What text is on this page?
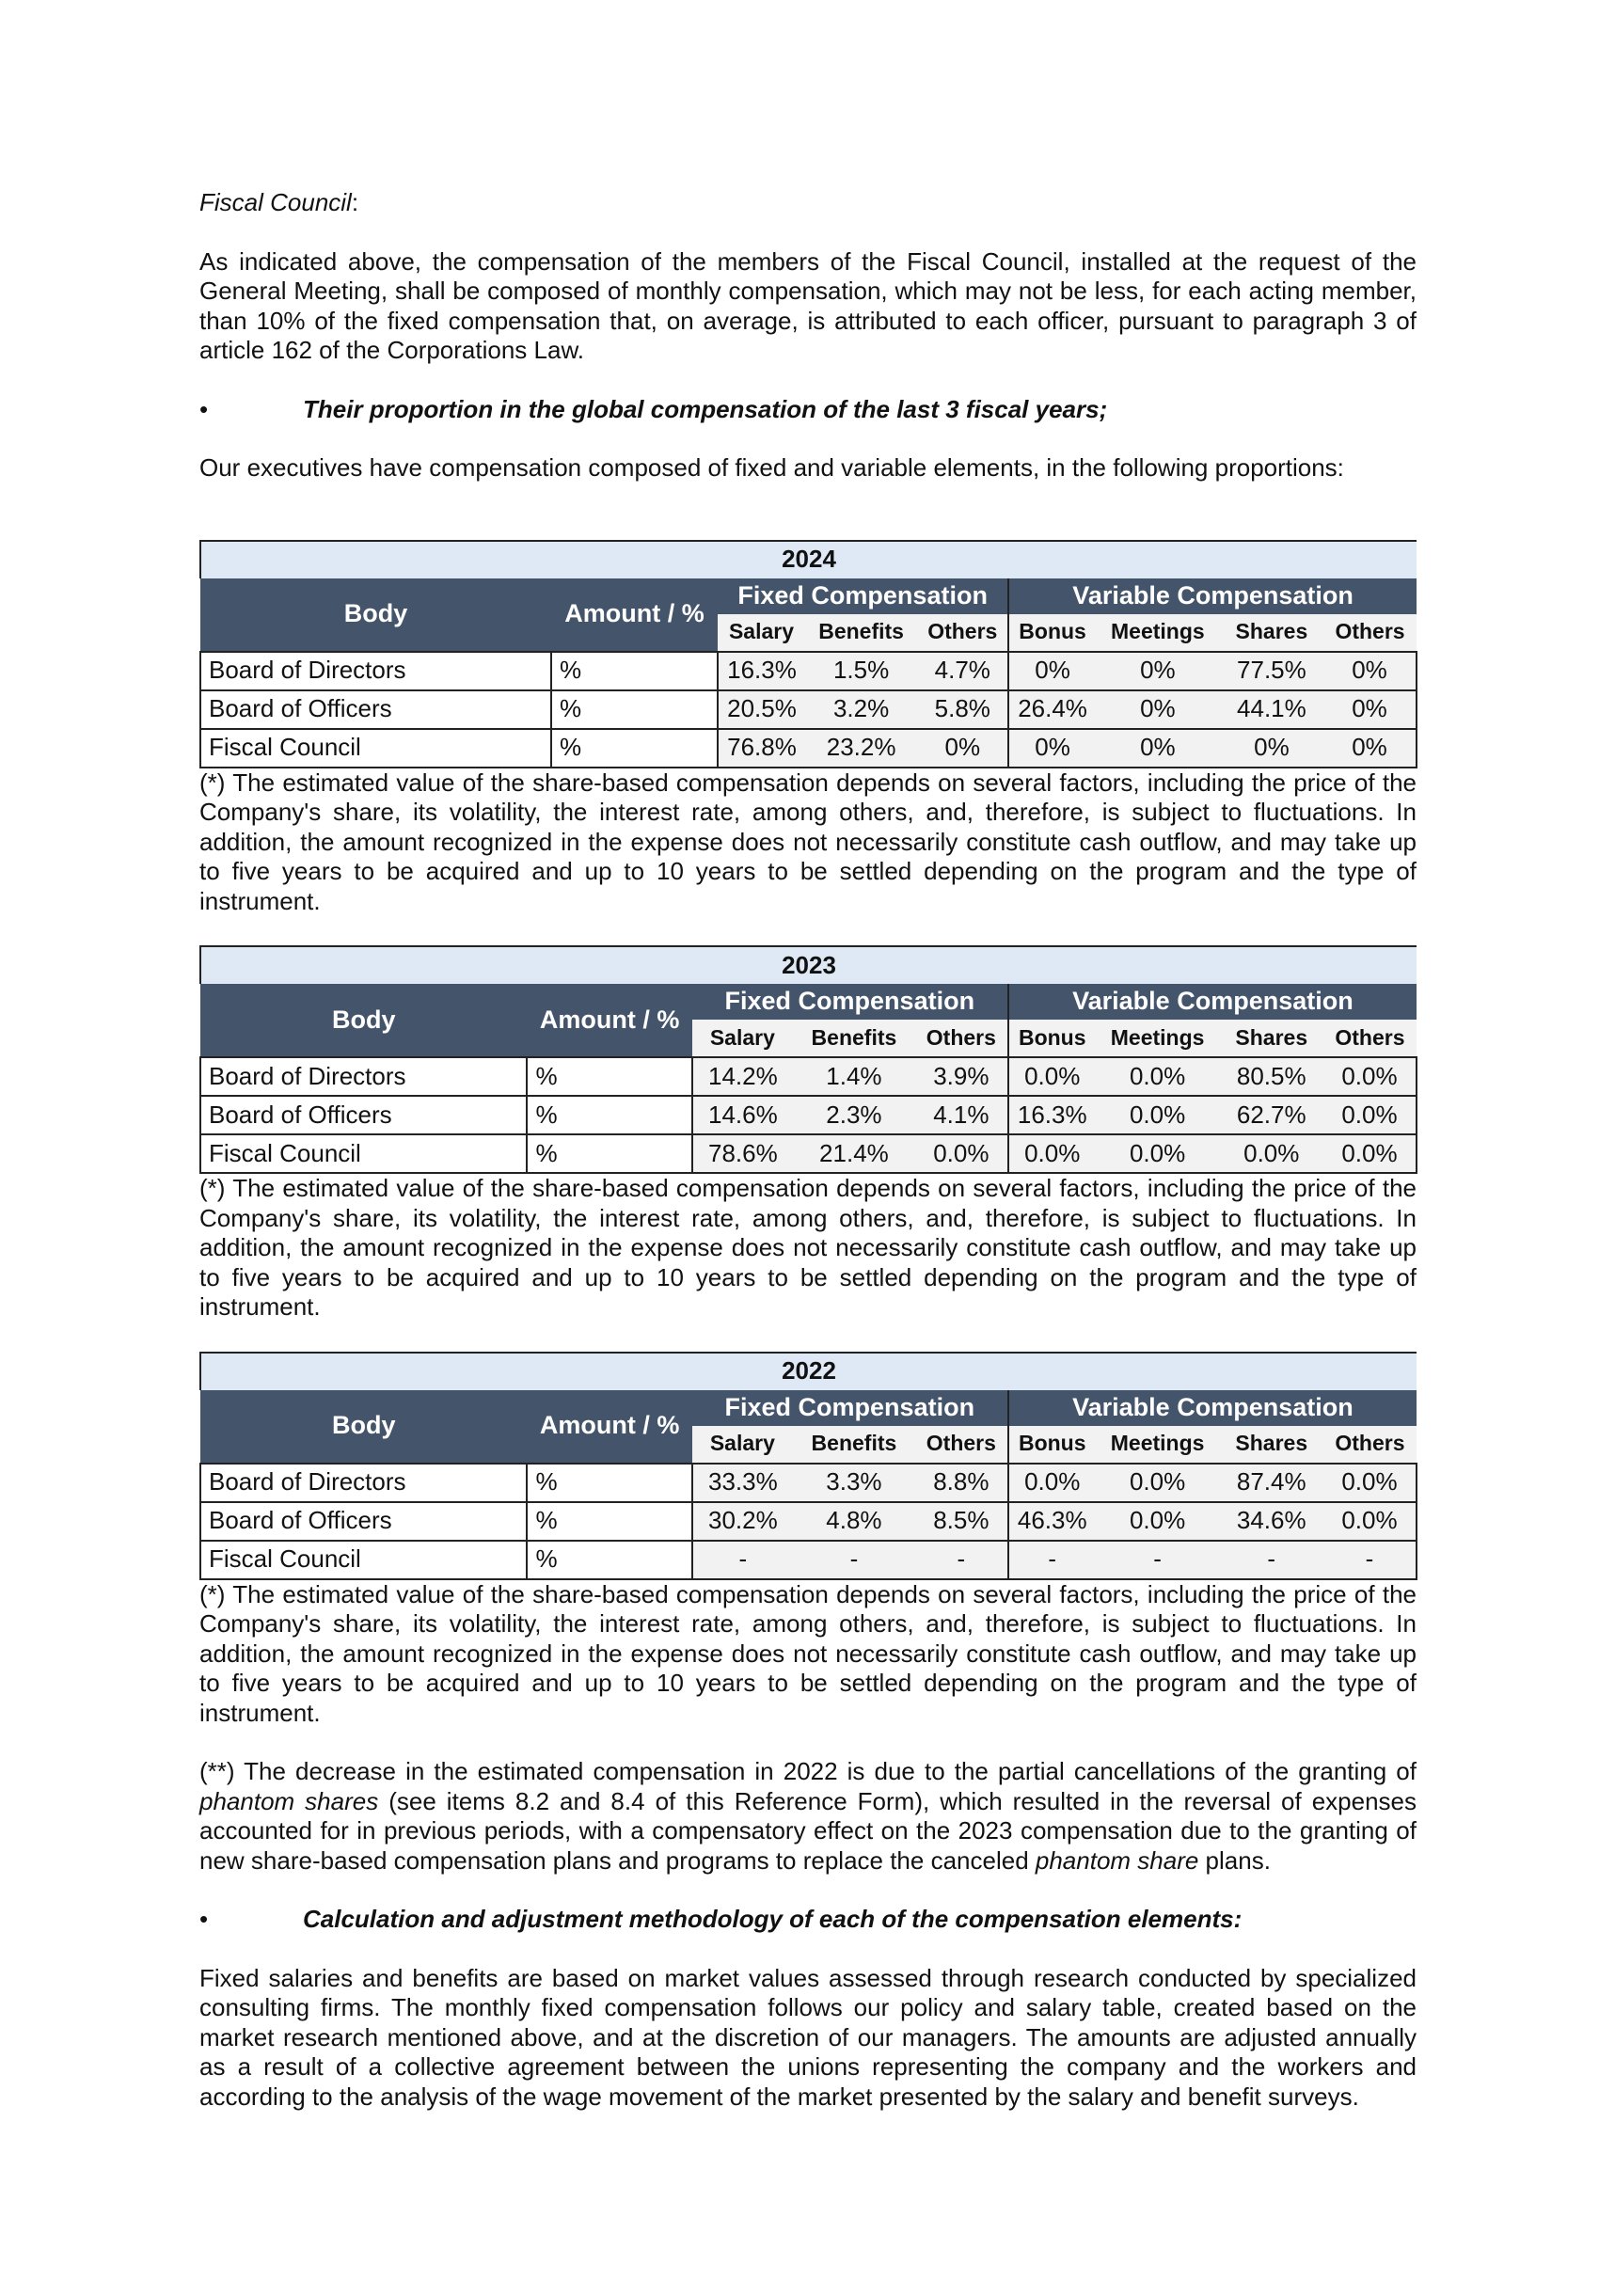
Fiscal Council:

As indicated above, the compensation of the members of the Fiscal Council, installed at the request of the General Meeting, shall be composed of monthly compensation, which may not be less, for each acting member, than 10% of the fixed compensation that, on average, is attributed to each officer, pursuant to paragraph 3 of article 162 of the Corporations Law.

•	Their proportion in the global compensation of the last 3 fiscal years;

Our executives have compensation composed of fixed and variable elements, in the following proportions:

2024								
Body	Amount / %	Fixed Compensation			Variable Compensation			
		Salary	Benefits	Others	Bonus	Meetings	Shares	Others
Board of Directors	%	16.3%	1.5%	4.7%	0%	0%	77.5%	0%
Board of Officers	%	20.5%	3.2%	5.8%	26.4%	0%	44.1%	0%
Fiscal Council	%	76.8%	23.2%	0%	0%	0%	0%	0%

(*) The estimated value of the share-based compensation depends on several factors, including the price of the Company's share, its volatility, the interest rate, among others, and, therefore, is subject to fluctuations. In addition, the amount recognized in the expense does not necessarily constitute cash outflow, and may take up to five years to be acquired and up to 10 years to be settled depending on the program and the type of instrument.

2023								
Body	Amount / %	Fixed Compensation			Variable Compensation			
		Salary	Benefits	Others	Bonus	Meetings	Shares	Others
Board of Directors	%	14.2%	1.4%	3.9%	0.0%	0.0%	80.5%	0.0%
Board of Officers	%	14.6%	2.3%	4.1%	16.3%	0.0%	62.7%	0.0%
Fiscal Council	%	78.6%	21.4%	0.0%	0.0%	0.0%	0.0%	0.0%

(*) The estimated value of the share-based compensation depends on several factors, including the price of the Company's share, its volatility, the interest rate, among others, and, therefore, is subject to fluctuations. In addition, the amount recognized in the expense does not necessarily constitute cash outflow, and may take up to five years to be acquired and up to 10 years to be settled depending on the program and the type of instrument.

2022								
Body	Amount / %	Fixed Compensation			Variable Compensation			
		Salary	Benefits	Others	Bonus	Meetings	Shares	Others
Board of Directors	%	33.3%	3.3%	8.8%	0.0%	0.0%	87.4%	0.0%
Board of Officers	%	30.2%	4.8%	8.5%	46.3%	0.0%	34.6%	0.0%
Fiscal Council	%	-	-	-	-	-	-	-

(*) The estimated value of the share-based compensation depends on several factors, including the price of the Company's share, its volatility, the interest rate, among others, and, therefore, is subject to fluctuations. In addition, the amount recognized in the expense does not necessarily constitute cash outflow, and may take up to five years to be acquired and up to 10 years to be settled depending on the program and the type of instrument.

(**) The decrease in the estimated compensation in 2022 is due to the partial cancellations of the granting of phantom shares (see items 8.2 and 8.4 of this Reference Form), which resulted in the reversal of expenses accounted for in previous periods, with a compensatory effect on the 2023 compensation due to the granting of new share-based compensation plans and programs to replace the canceled phantom share plans.

•	Calculation and adjustment methodology of each of the compensation elements:

Fixed salaries and benefits are based on market values assessed through research conducted by specialized consulting firms. The monthly fixed compensation follows our policy and salary table, created based on the market research mentioned above, and at the discretion of our managers. The amounts are adjusted annually as a result of a collective agreement between the unions representing the company and the workers and according to the analysis of the wage movement of the market presented by the salary and benefit surveys.
